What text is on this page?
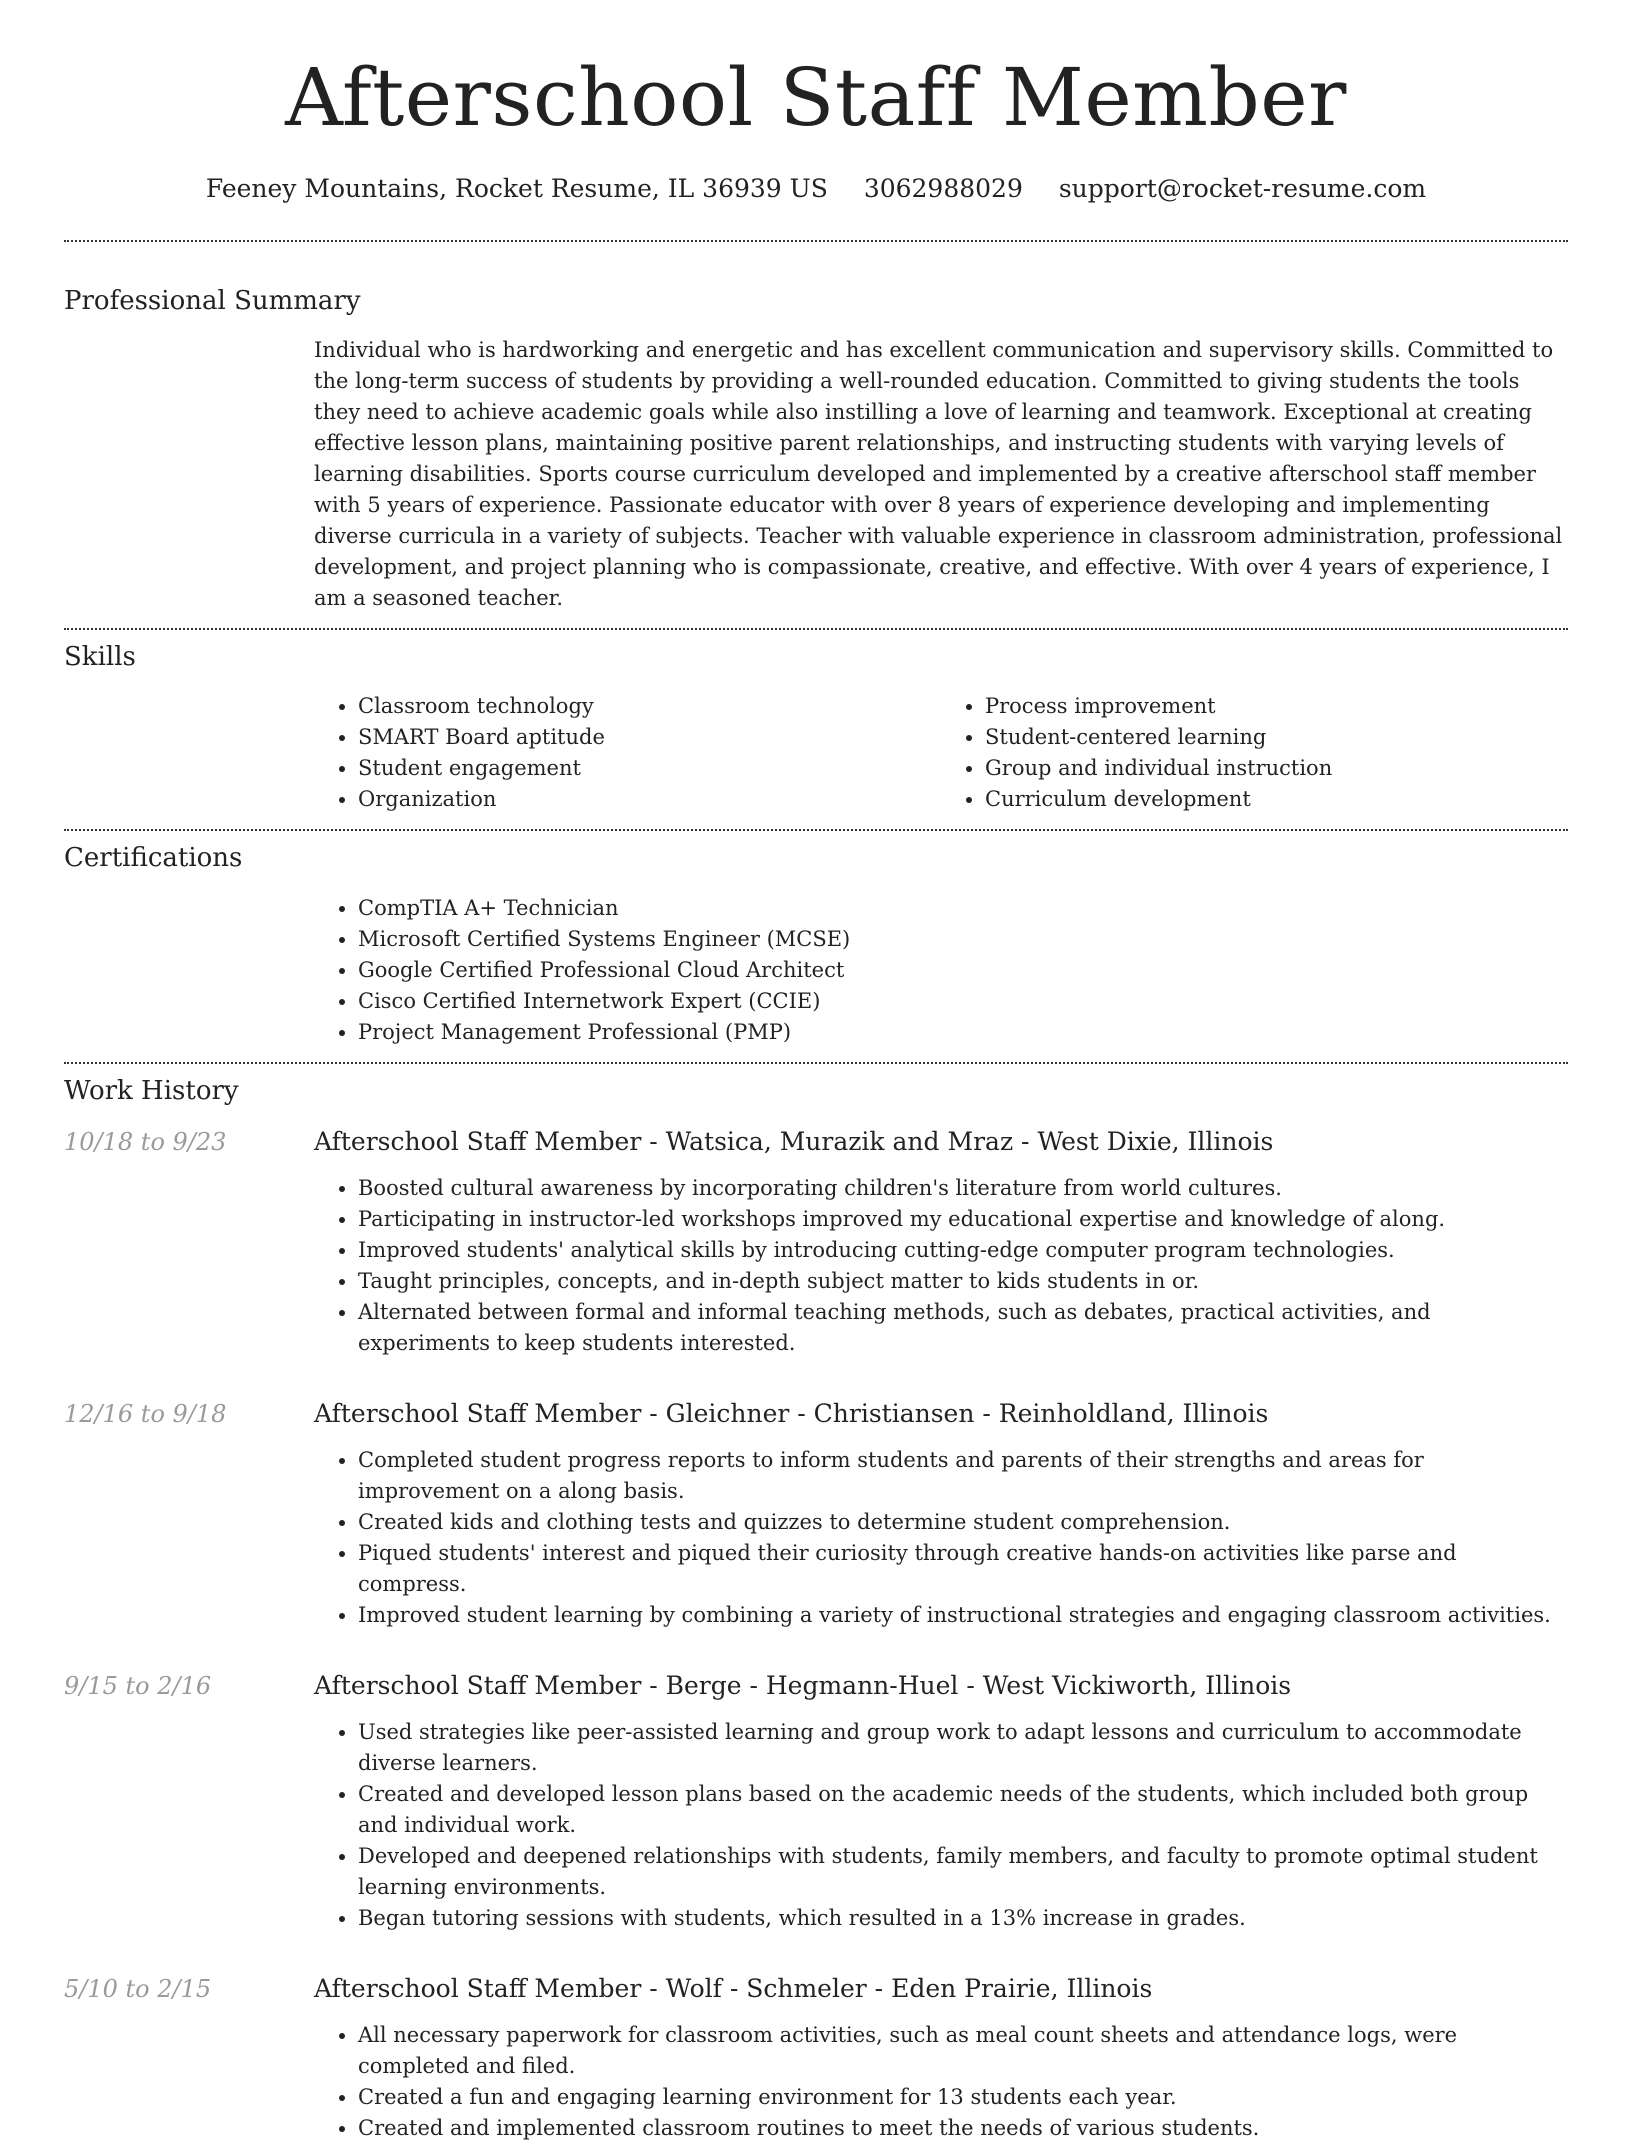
Afterschool Staff Member
Feeney Mountains, Rocket Resume, IL 36939 US 3062988029 support@rocket-resume.com
Professional Summary

Individual who is hardworking and energetic and has excellent communication and supervisory skills. Committed to the long-term success of students by providing a well-rounded education. Committed to giving students the tools they need to achieve academic goals while also instilling a love of learning and teamwork. Exceptional at creating effective lesson plans, maintaining positive parent relationships, and instructing students with varying levels of learning disabilities. Sports course curriculum developed and implemented by a creative afterschool staff member with 5 years of experience. Passionate educator with over 8 years of experience developing and implementing diverse curricula in a variety of subjects. Teacher with valuable experience in classroom administration, professional development, and project planning who is compassionate, creative, and effective. With over 4 years of experience, I am a seasoned teacher.

Skills
• Classroom technology
• SMART Board aptitude
• Student engagement
• Organization
• Process improvement
• Student-centered learning
• Group and individual instruction
• Curriculum development
Certifications
• CompTIA A+ Technician
• Microsoft Certified Systems Engineer (MCSE)
• Google Certified Professional Cloud Architect
• Cisco Certified Internetwork Expert (CCIE)
• Project Management Professional (PMP)
Work History
10/18 to 9/23	Afterschool Staff Member - Watsica, Murazik and Mraz - West Dixie, Illinois
• Boosted cultural awareness by incorporating children's literature from world cultures.
• Participating in instructor-led workshops improved my educational expertise and knowledge of along.
• Improved students' analytical skills by introducing cutting-edge computer program technologies.
• Taught principles, concepts, and in-depth subject matter to kids students in or.
• Alternated between formal and informal teaching methods, such as debates, practical activities, and experiments to keep students interested.
12/16 to 9/18	Afterschool Staff Member - Gleichner - Christiansen - Reinholdland, Illinois
• Completed student progress reports to inform students and parents of their strengths and areas for improvement on a along basis.
• Created kids and clothing tests and quizzes to determine student comprehension.
• Piqued students' interest and piqued their curiosity through creative hands-on activities like parse and compress.
• Improved student learning by combining a variety of instructional strategies and engaging classroom activities.
9/15 to 2/16	Afterschool Staff Member - Berge - Hegmann-Huel - West Vickiworth, Illinois
• Used strategies like peer-assisted learning and group work to adapt lessons and curriculum to accommodate diverse learners.
• Created and developed lesson plans based on the academic needs of the students, which included both group and individual work.
• Developed and deepened relationships with students, family members, and faculty to promote optimal student learning environments.
• Began tutoring sessions with students, which resulted in a 13% increase in grades.
5/10 to 2/15	Afterschool Staff Member - Wolf - Schmeler - Eden Prairie, Illinois
• All necessary paperwork for classroom activities, such as meal count sheets and attendance logs, were completed and filed.
• Created a fun and engaging learning environment for 13 students each year.
• Created and implemented classroom routines to meet the needs of various students.
